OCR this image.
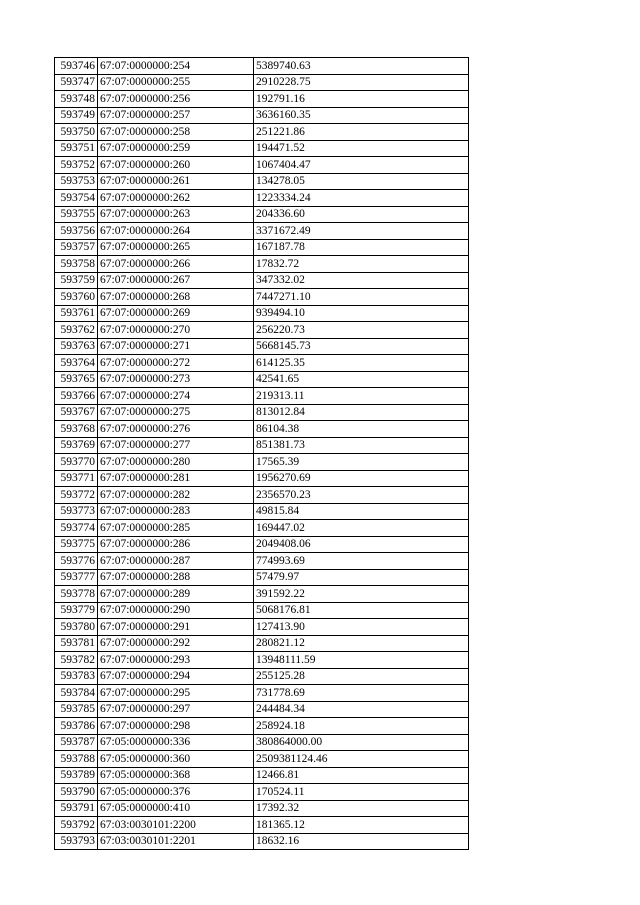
593746	67:07:0000000:254	5389740.63
593747	67:07:0000000:255	2910228.75
593748	67:07:0000000:256	192791.16
593749	67:07:0000000:257	3636160.35
593750	67:07:0000000:258	251221.86
593751	67:07:0000000:259	194471.52
593752	67:07:0000000:260	1067404.47
593753	67:07:0000000:261	134278.05
593754	67:07:0000000:262	1223334.24
593755	67:07:0000000:263	204336.60
593756	67:07:0000000:264	3371672.49
593757	67:07:0000000:265	167187.78
593758	67:07:0000000:266	17832.72
593759	67:07:0000000:267	347332.02
593760	67:07:0000000:268	7447271.10
593761	67:07:0000000:269	939494.10
593762	67:07:0000000:270	256220.73
593763	67:07:0000000:271	5668145.73
593764	67:07:0000000:272	614125.35
593765	67:07:0000000:273	42541.65
593766	67:07:0000000:274	219313.11
593767	67:07:0000000:275	813012.84
593768	67:07:0000000:276	86104.38
593769	67:07:0000000:277	851381.73
593770	67:07:0000000:280	17565.39
593771	67:07:0000000:281	1956270.69
593772	67:07:0000000:282	2356570.23
593773	67:07:0000000:283	49815.84
593774	67:07:0000000:285	169447.02
593775	67:07:0000000:286	2049408.06
593776	67:07:0000000:287	774993.69
593777	67:07:0000000:288	57479.97
593778	67:07:0000000:289	391592.22
593779	67:07:0000000:290	5068176.81
593780	67:07:0000000:291	127413.90
593781	67:07:0000000:292	280821.12
593782	67:07:0000000:293	13948111.59
593783	67:07:0000000:294	255125.28
593784	67:07:0000000:295	731778.69
593785	67:07:0000000:297	244484.34
593786	67:07:0000000:298	258924.18
593787	67:05:0000000:336	380864000.00
593788	67:05:0000000:360	2509381124.46
593789	67:05:0000000:368	12466.81
593790	67:05:0000000:376	170524.11
593791	67:05:0000000:410	17392.32
593792	67:03:0030101:2200	181365.12
593793	67:03:0030101:2201	18632.16
